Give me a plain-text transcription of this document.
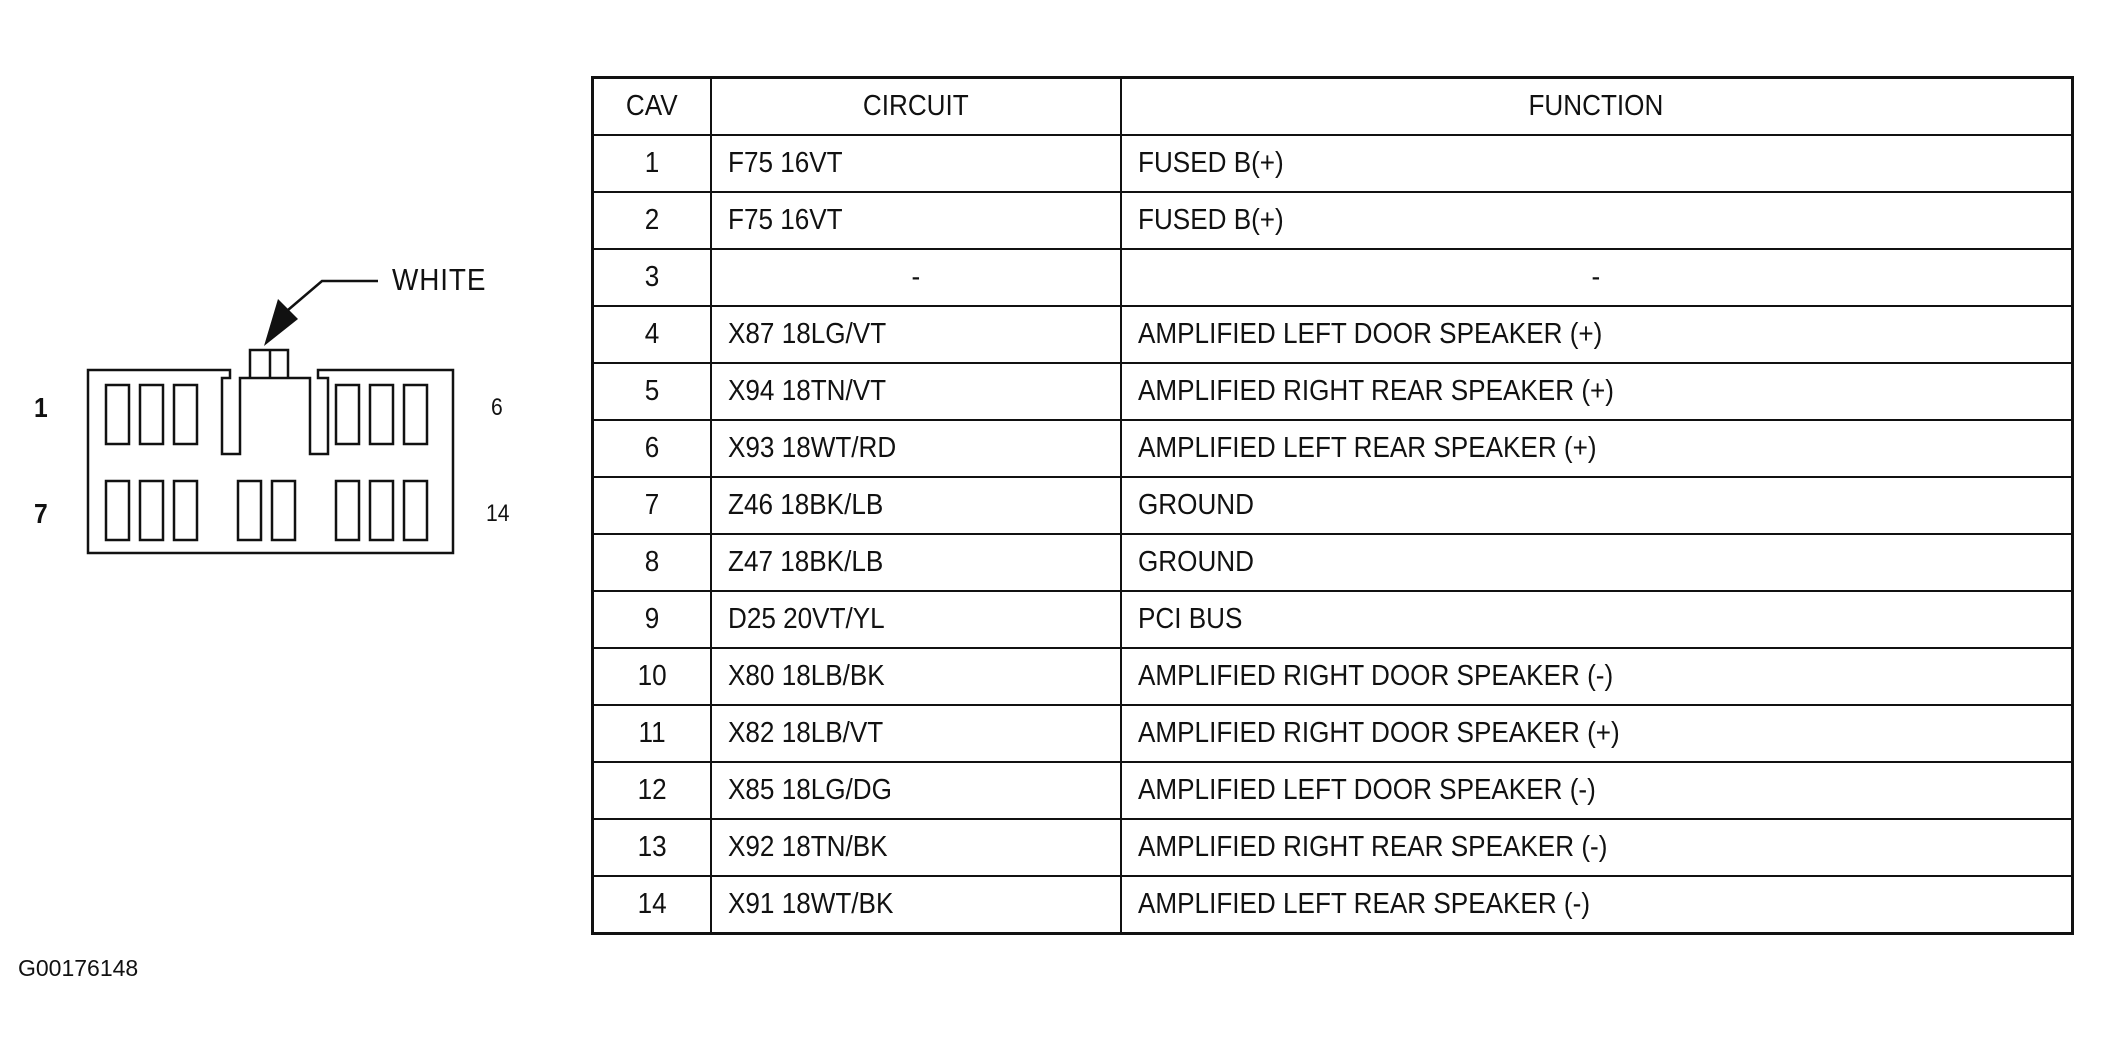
WHITE
1	6
7	14
CAV	CIRCUIT	FUNCTION
1	F75 16VT	FUSED B(+)
2	F75 16VT	FUSED B(+)
3	-	-
4	X87 18LG/VT	AMPLIFIED LEFT DOOR SPEAKER (+)
5	X94 18TN/VT	AMPLIFIED RIGHT REAR SPEAKER (+)
6	X93 18WT/RD	AMPLIFIED LEFT REAR SPEAKER (+)
7	Z46 18BK/LB	GROUND
8	Z47 18BK/LB	GROUND
9	D25 20VT/YL	PCI BUS
10	X80 18LB/BK	AMPLIFIED RIGHT DOOR SPEAKER (-)
11	X82 18LB/VT	AMPLIFIED RIGHT DOOR SPEAKER (+)
12	X85 18LG/DG	AMPLIFIED LEFT DOOR SPEAKER (-)
13	X92 18TN/BK	AMPLIFIED RIGHT REAR SPEAKER (-)
14	X91 18WT/BK	AMPLIFIED LEFT REAR SPEAKER (-)
G00176148
